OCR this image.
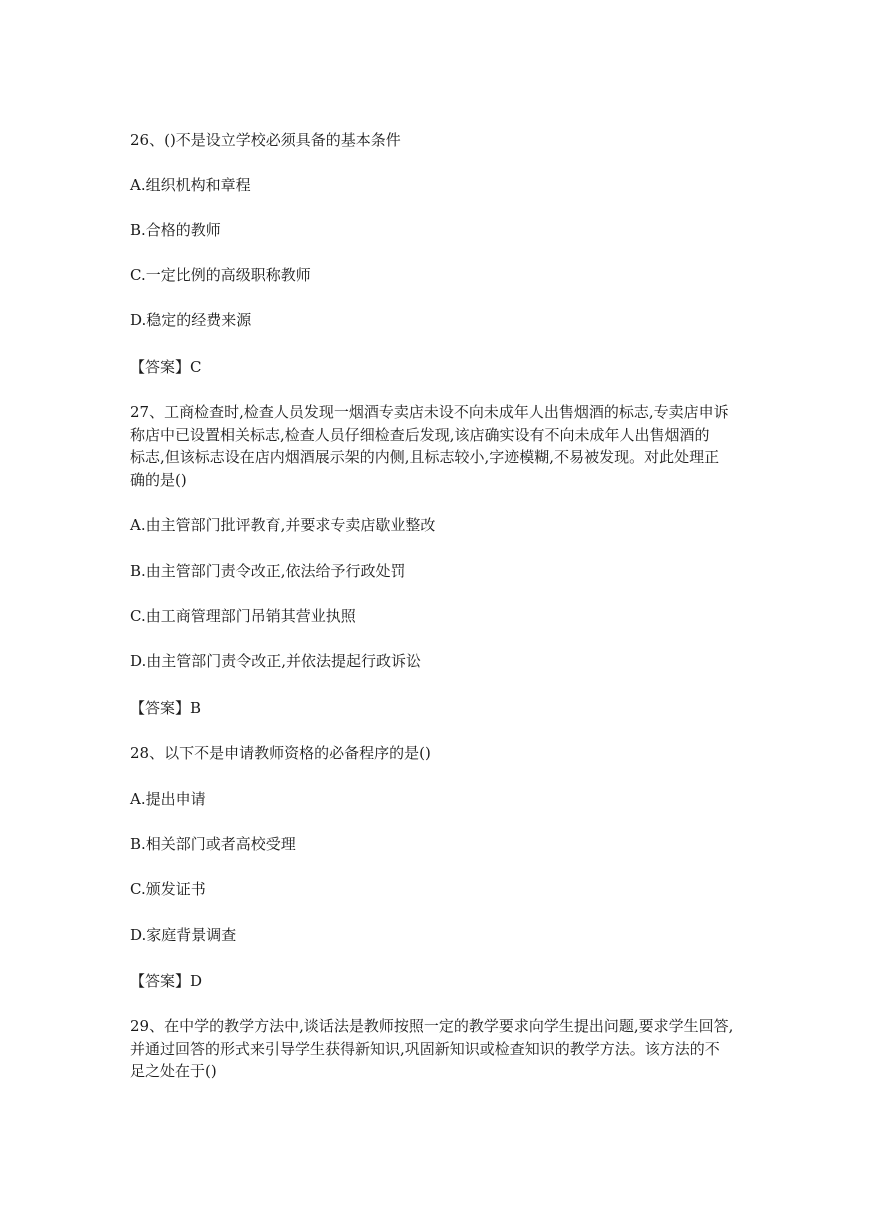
26、()不是设立学校必须具备的基本条件
A.组织机构和章程
B.合格的教师
C.一定比例的高级职称教师
D.稳定的经费来源
【答案】C
27、工商检查时,检查人员发现一烟酒专卖店未设不向未成年人出售烟酒的标志,专卖店申诉
称店中已设置相关标志,检查人员仔细检查后发现,该店确实设有不向未成年人出售烟酒的
标志,但该标志设在店内烟酒展示架的内侧,且标志较小,字迹模糊,不易被发现。对此处理正
确的是()
A.由主管部门批评教育,并要求专卖店歇业整改
B.由主管部门责令改正,依法给予行政处罚
C.由工商管理部门吊销其营业执照
D.由主管部门责令改正,并依法提起行政诉讼
【答案】B
28、以下不是申请教师资格的必备程序的是()
A.提出申请
B.相关部门或者高校受理
C.颁发证书
D.家庭背景调查
【答案】D
29、在中学的教学方法中,谈话法是教师按照一定的教学要求向学生提出问题,要求学生回答,
并通过回答的形式来引导学生获得新知识,巩固新知识或检查知识的教学方法。该方法的不
足之处在于()
